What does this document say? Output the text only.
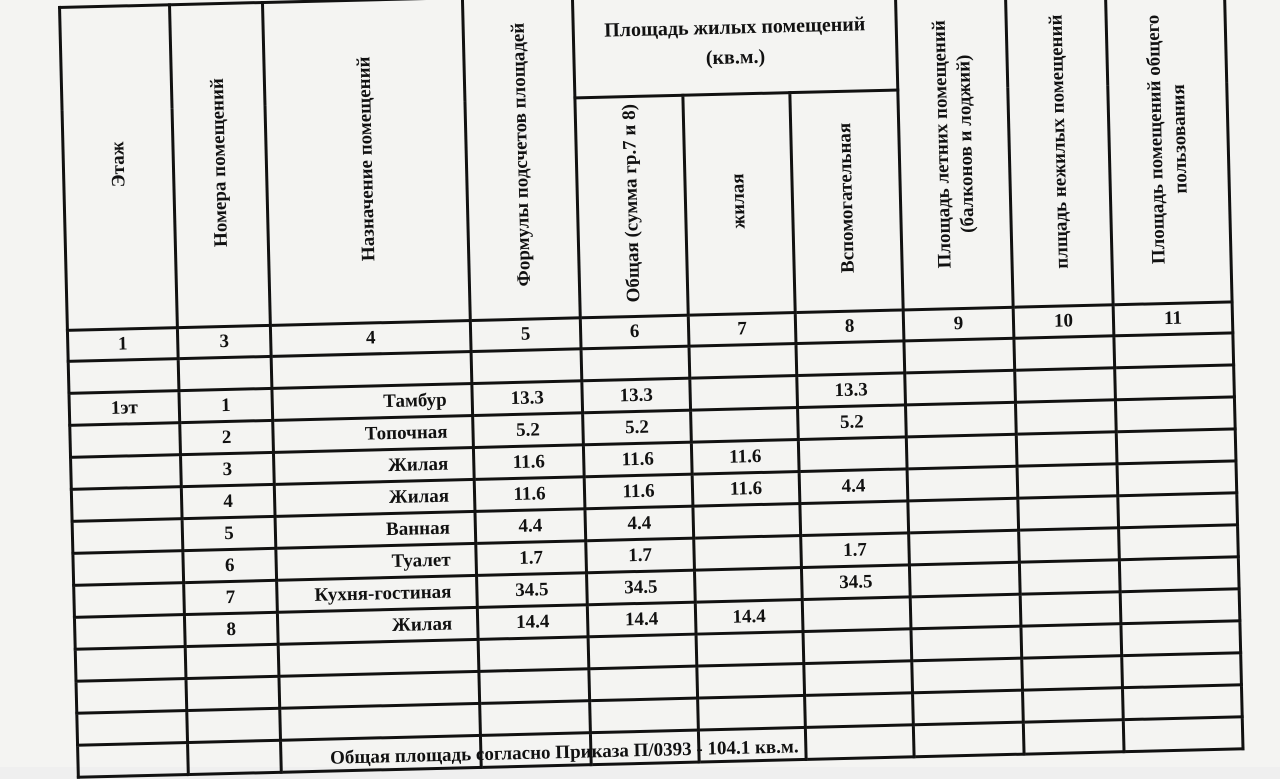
Этаж	Номера помещений	Назначение помещений	Формулы подсчетов площадей	Площадь жилых помещений (кв.м.)			Площадь летних помещений (балконов и лоджий)	плщадь нежилых помещений	Площадь помещений общего пользования
				Общая (сумма гр.7 и 8)	жилая	Вспомогательная			
1	3	4	5	6	7	8	9	10	11

1эт	1	Тамбур	13.3	13.3		13.3			
	2	Топочная	5.2	5.2		5.2			
	3	Жилая	11.6	11.6	11.6				
	4	Жилая	11.6	11.6	11.6	4.4			
	5	Ванная	4.4	4.4					
	6	Туалет	1.7	1.7		1.7			
	7	Кухня-гостиная	34.5	34.5		34.5			
	8	Жилая	14.4	14.4	14.4				

Общая площадь согласно Приказа П/0393 - 104.1 кв.м.
